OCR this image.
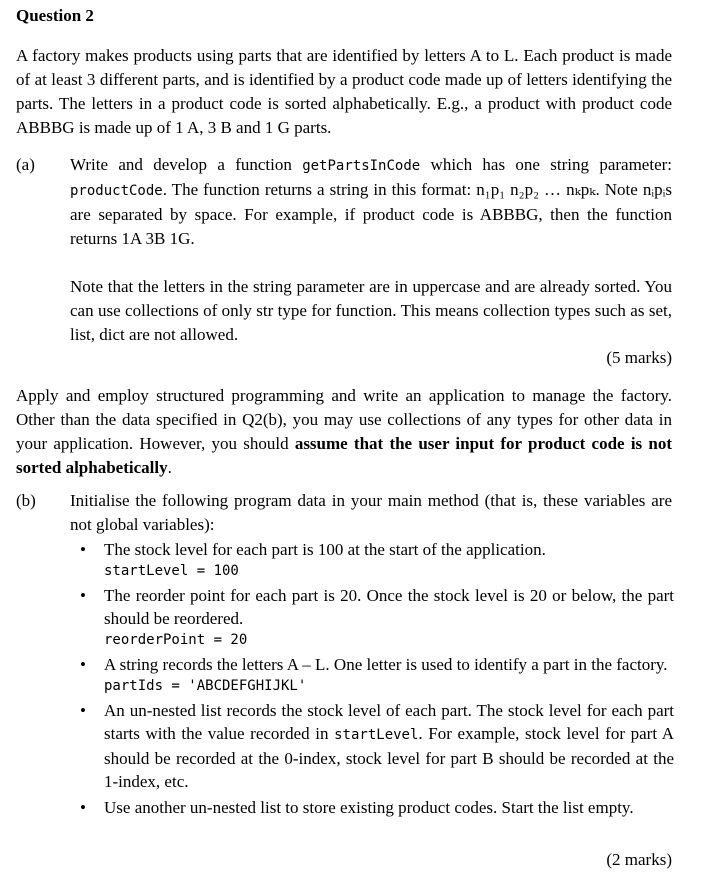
Question 2
A factory makes products using parts that are identified by letters A to L. Each product is made of at least 3 different parts, and is identified by a product code made up of letters identifying the parts. The letters in a product code is sorted alphabetically. E.g., a product with product code ABBBG is made up of 1 A, 3 B and 1 G parts.
(a) Write and develop a function getPartsInCode which has one string parameter: productCode. The function returns a string in this format: n₁p₁ n₂p₂ … nₖpₖ. Note nᵢpᵢs are separated by space. For example, if product code is ABBBG, then the function returns 1A 3B 1G.
Note that the letters in the string parameter are in uppercase and are already sorted. You can use collections of only str type for function. This means collection types such as set, list, dict are not allowed.
(5 marks)
Apply and employ structured programming and write an application to manage the factory. Other than the data specified in Q2(b), you may use collections of any types for other data in your application. However, you should assume that the user input for product code is not sorted alphabetically.
(b) Initialise the following program data in your main method (that is, these variables are not global variables):
• The stock level for each part is 100 at the start of the application.
startLevel = 100
• The reorder point for each part is 20. Once the stock level is 20 or below, the part should be reordered.
reorderPoint = 20
• A string records the letters A – L. One letter is used to identify a part in the factory.
partIds = 'ABCDEFGHIJKL'
• An un-nested list records the stock level of each part. The stock level for each part starts with the value recorded in startLevel. For example, stock level for part A should be recorded at the 0-index, stock level for part B should be recorded at the 1-index, etc.
• Use another un-nested list to store existing product codes. Start the list empty.
(2 marks)
